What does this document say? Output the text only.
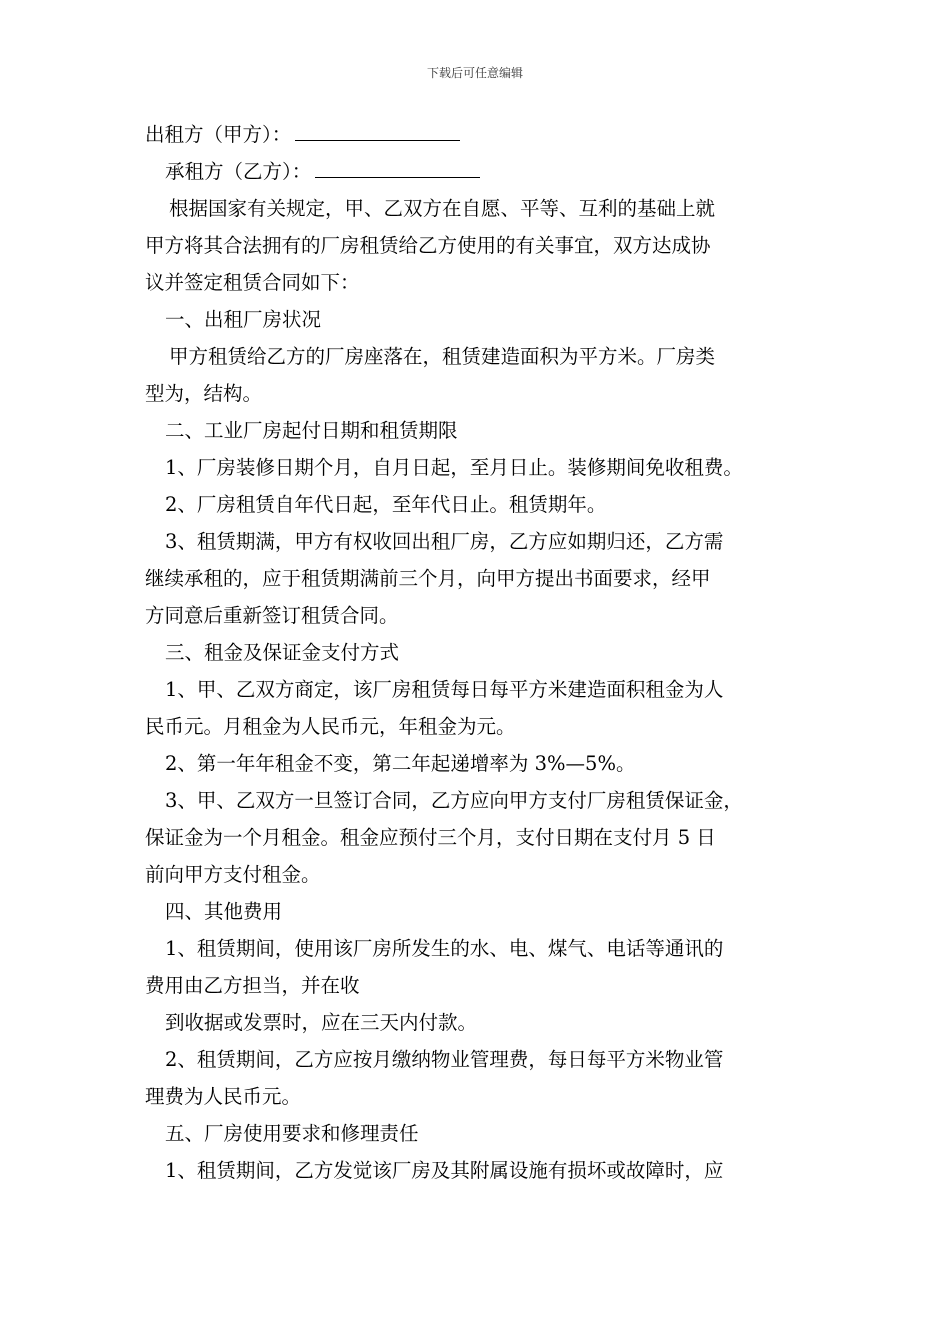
下载后可任意编辑
出租方（甲方）：
承租方（乙方）：
根据国家有关规定，甲、乙双方在自愿、平等、互利的基础上就
甲方将其合法拥有的厂房租赁给乙方使用的有关事宜，双方达成协
议并签定租赁合同如下：
一、出租厂房状况
甲方租赁给乙方的厂房座落在，租赁建造面积为平方米。厂房类
型为，结构。
二、工业厂房起付日期和租赁期限
1、厂房装修日期个月，自月日起，至月日止。装修期间免收租费。
2、厂房租赁自年代日起，至年代日止。租赁期年。
3、租赁期满，甲方有权收回出租厂房，乙方应如期归还，乙方需
继续承租的，应于租赁期满前三个月，向甲方提出书面要求，经甲
方同意后重新签订租赁合同。
三、租金及保证金支付方式
1、甲、乙双方商定，该厂房租赁每日每平方米建造面积租金为人
民币元。月租金为人民币元，年租金为元。
2、第一年年租金不变，第二年起递增率为 3%—5%。
3、甲、乙双方一旦签订合同，乙方应向甲方支付厂房租赁保证金，
保证金为一个月租金。租金应预付三个月，支付日期在支付月 5 日
前向甲方支付租金。
四、其他费用
1、租赁期间，使用该厂房所发生的水、电、煤气、电话等通讯的
费用由乙方担当，并在收
到收据或发票时，应在三天内付款。
2、租赁期间，乙方应按月缴纳物业管理费，每日每平方米物业管
理费为人民币元。
五、厂房使用要求和修理责任
1、租赁期间，乙方发觉该厂房及其附属设施有损坏或故障时，应
